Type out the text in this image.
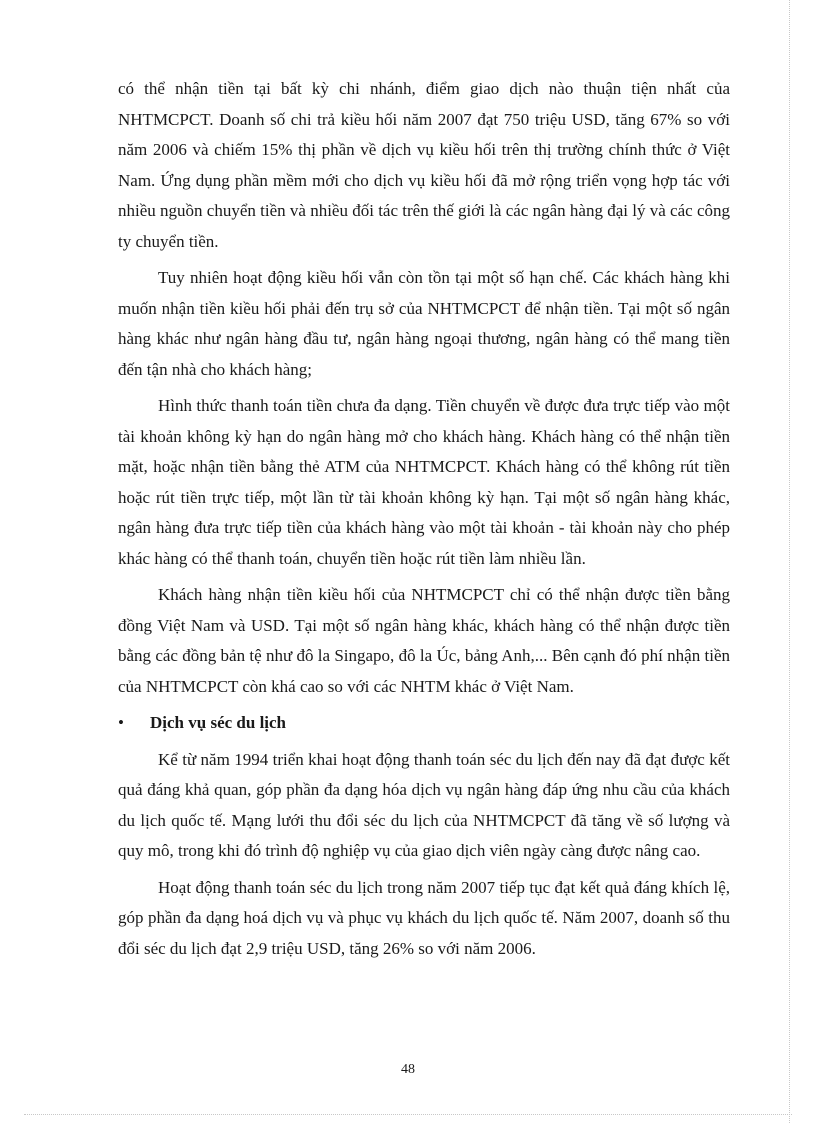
có thể nhận tiền tại bất kỳ chi nhánh, điểm giao dịch nào thuận tiện nhất của NHTMCPCT. Doanh số chi trả kiều hối năm 2007 đạt 750 triệu USD, tăng 67% so với năm 2006 và chiếm 15% thị phần về dịch vụ kiều hối trên thị trường chính thức ở Việt Nam. Ứng dụng phần mềm mới cho dịch vụ kiều hối đã mở rộng triển vọng hợp tác với nhiều nguồn chuyển tiền và nhiều đối tác trên thế giới là các ngân hàng đại lý và các công ty chuyển tiền.

Tuy nhiên hoạt động kiều hối vẫn còn tồn tại một số hạn chế. Các khách hàng khi muốn nhận tiền kiều hối phải đến trụ sở của NHTMCPCT để nhận tiền. Tại một số ngân hàng khác như ngân hàng đầu tư, ngân hàng ngoại thương, ngân hàng có thể mang tiền đến tận nhà cho khách hàng;

Hình thức thanh toán tiền chưa đa dạng. Tiền chuyển về được đưa trực tiếp vào một tài khoản không kỳ hạn do ngân hàng mở cho khách hàng. Khách hàng có thể nhận tiền mặt, hoặc nhận tiền bằng thẻ ATM của NHTMCPCT. Khách hàng có thể không rút tiền hoặc rút tiền trực tiếp, một lần từ tài khoản không kỳ hạn. Tại một số ngân hàng khác, ngân hàng đưa trực tiếp tiền của khách hàng vào một tài khoản - tài khoản này cho phép khác hàng có thể thanh toán, chuyển tiền hoặc rút tiền làm nhiều lần.

Khách hàng nhận tiền kiều hối của NHTMCPCT chỉ có thể nhận được tiền bằng đồng Việt Nam và USD. Tại một số ngân hàng khác, khách hàng có thể nhận được tiền bằng các đồng bản tệ như đô la Singapo, đô la Úc, bảng Anh,... Bên cạnh đó phí nhận tiền của NHTMCPCT còn khá cao so với các NHTM khác ở Việt Nam.

• Dịch vụ séc du lịch

Kể từ năm 1994 triển khai hoạt động thanh toán séc du lịch đến nay đã đạt được kết quả đáng khả quan, góp phần đa dạng hóa dịch vụ ngân hàng đáp ứng nhu cầu của khách du lịch quốc tế. Mạng lưới thu đổi séc du lịch của NHTMCPCT đã tăng về số lượng và quy mô, trong khi đó trình độ nghiệp vụ của giao dịch viên ngày càng được nâng cao.

Hoạt động thanh toán séc du lịch trong năm 2007 tiếp tục đạt kết quả đáng khích lệ, góp phần đa dạng hoá dịch vụ và phục vụ khách du lịch quốc tế. Năm 2007, doanh số thu đổi séc du lịch đạt 2,9 triệu USD, tăng 26% so với năm 2006.

48
